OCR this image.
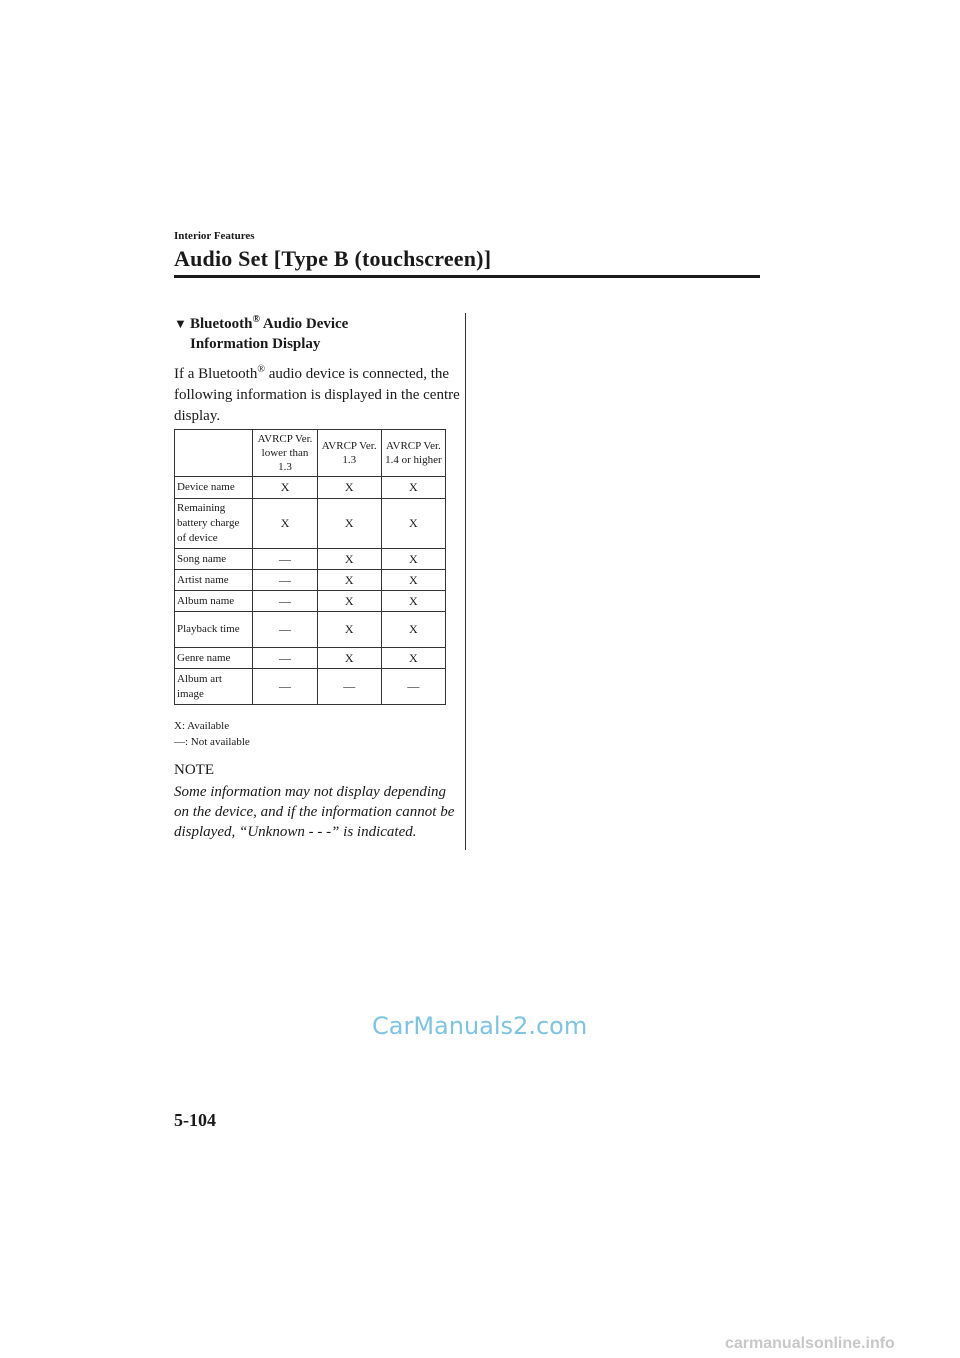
Interior Features
Audio Set [Type B (touchscreen)]
▼ Bluetooth® Audio Device
Information Display

If a Bluetooth® audio device is connected, the following information is displayed in the centre display.

	AVRCP Ver. lower than 1.3	AVRCP Ver. 1.3	AVRCP Ver. 1.4 or higher
Device name	X	X	X
Remaining battery charge of device	X	X	X
Song name	—	X	X
Artist name	—	X	X
Album name	—	X	X
Playback time	—	X	X
Genre name	—	X	X
Album art image	—	—	—
X: Available
—: Not available
NOTE
Some information may not display depending on the device, and if the information cannot be displayed, “Unknown - - -” is indicated.
CarManuals2.com
5-104
carmanualsonline.info
